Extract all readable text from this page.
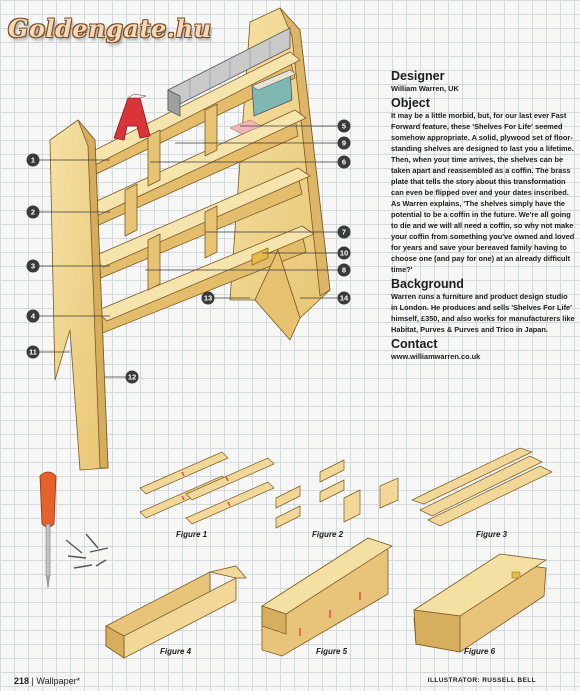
Goldengate.hu
1
2
3
4
5
6
7
8
9
10
11
12
13	14
Figure 1	Figure 2	Figure 3
Figure 4	Figure 5	Figure 6
Designer

William Warren, UK

Object

It may be a little morbid, but, for our last ever Fast Forward feature, these 'Shelves For Life' seemed somehow appropriate. A solid, plywood set of floor-standing shelves are designed to last you a lifetime. Then, when your time arrives, the shelves can be taken apart and reassembled as a coffin. The brass plate that tells the story about this transformation can even be flipped over and your dates inscribed. As Warren explains, 'The shelves simply have the potential to be a coffin in the future. We're all going to die and we will all need a coffin, so why not make your coffin from something you've owned and loved for years and save your bereaved family having to choose one (and pay for one) at an already difficult time?'

Background

Warren runs a furniture and product design studio in London. He produces and sells 'Shelves For Life' himself, £350, and also works for manufacturers like Habitat, Purves & Purves and Trico in Japan.

Contact

www.williamwarren.co.uk

218 | Wallpaper*	ILLUSTRATOR: RUSSELL BELL
